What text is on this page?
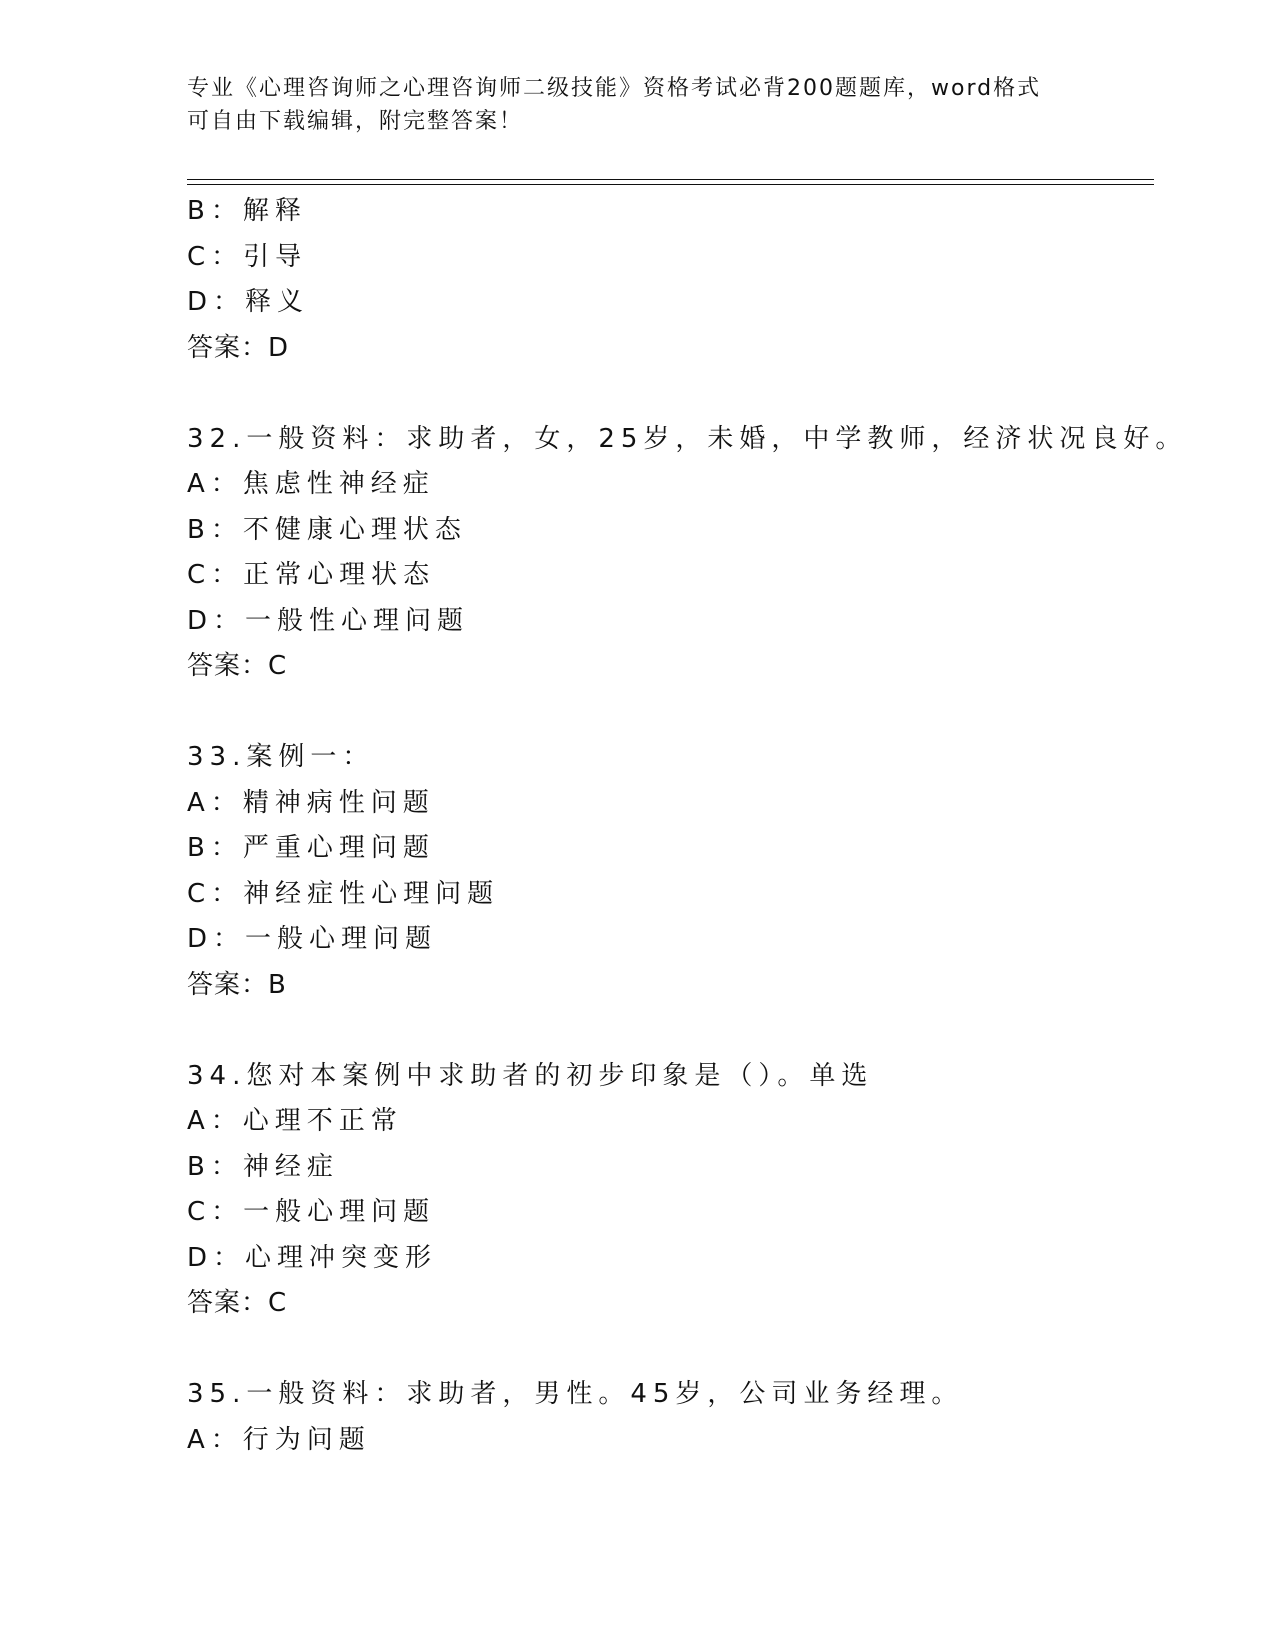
专业《心理咨询师之心理咨询师二级技能》资格考试必背200题题库，word格式
可自由下载编辑，附完整答案！
B：解释
C：引导
D：释义
答案：D
32.一般资料：求助者，女，25岁，未婚，中学教师，经济状况良好。
A：焦虑性神经症
B：不健康心理状态
C：正常心理状态
D：一般性心理问题
答案：C
33.案例一：
A：精神病性问题
B：严重心理问题
C：神经症性心理问题
D：一般心理问题
答案：B
34.您对本案例中求助者的初步印象是（）。单选
A：心理不正常
B：神经症
C：一般心理问题
D：心理冲突变形
答案：C
35.一般资料：求助者，男性。45岁，公司业务经理。
A：行为问题
